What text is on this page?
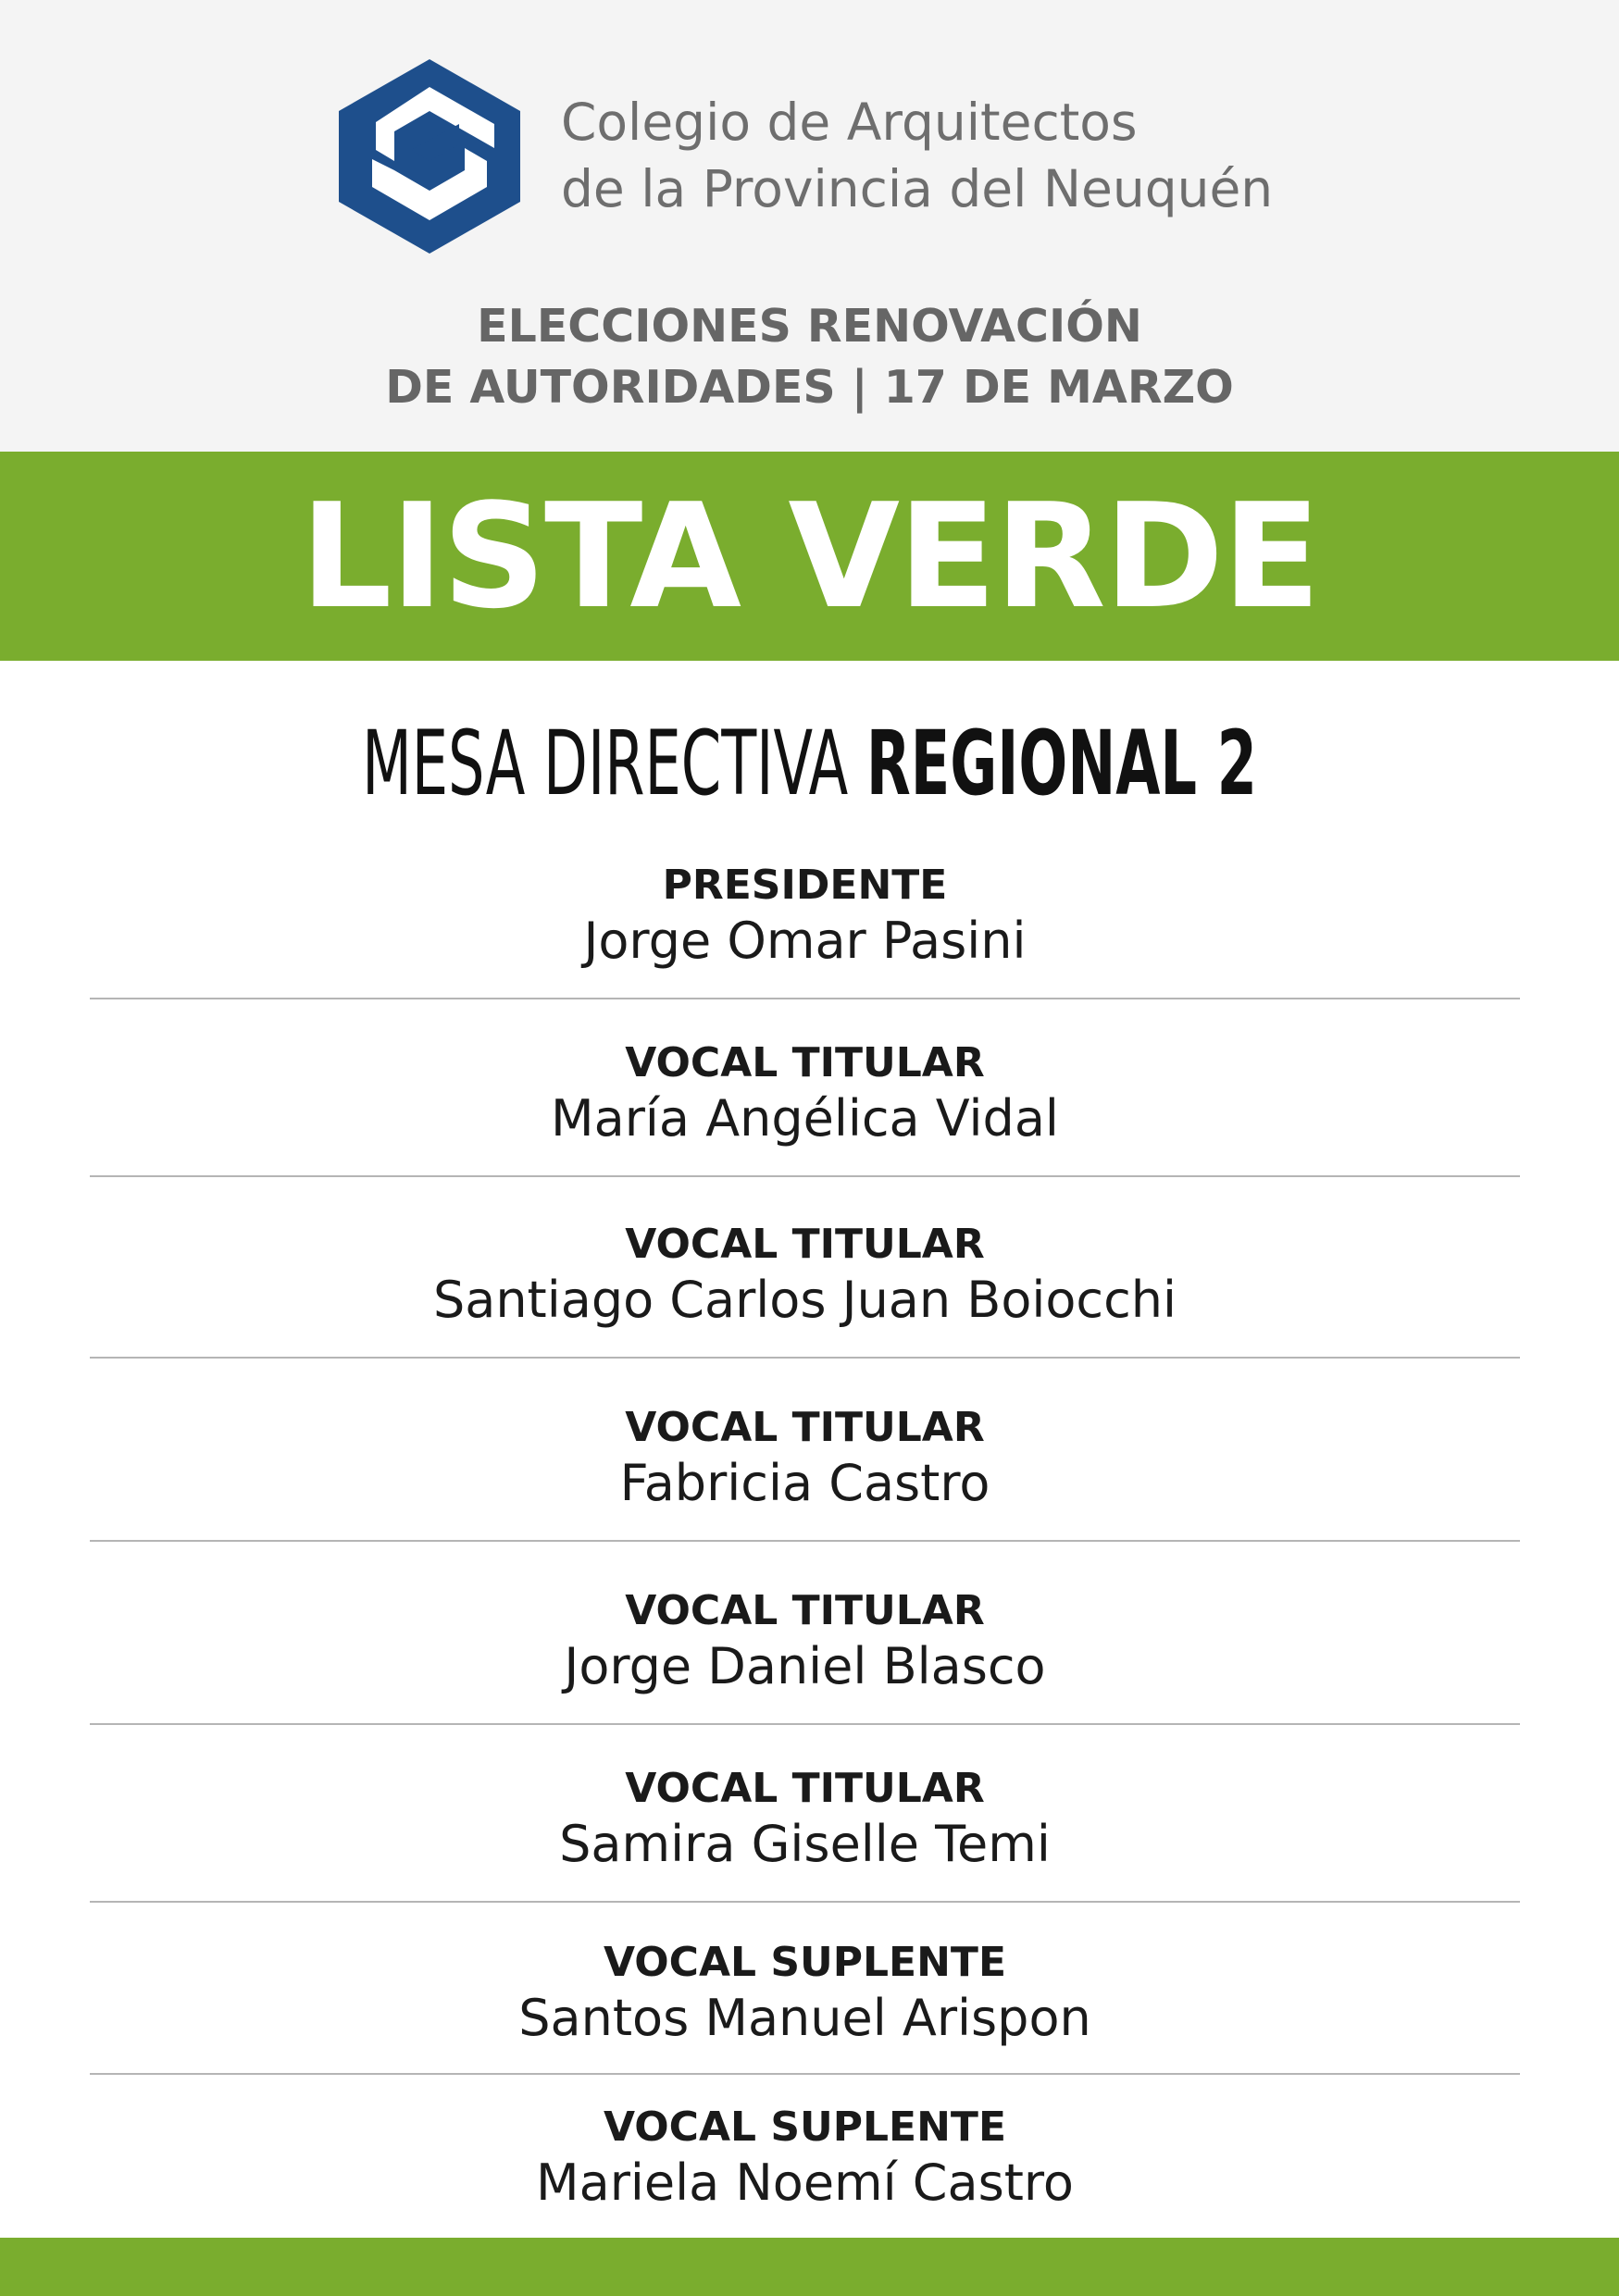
Colegio de Arquitectos
de la Provincia del Neuquén
ELECCIONES RENOVACIÓN
DE AUTORIDADES | 17 DE MARZO
LISTA VERDE
MESA DIRECTIVA REGIONAL 2
PRESIDENTE
Jorge Omar Pasini
VOCAL TITULAR
María Angélica Vidal
VOCAL TITULAR
Santiago Carlos Juan Boiocchi
VOCAL TITULAR
Fabricia Castro
VOCAL TITULAR
Jorge Daniel Blasco
VOCAL TITULAR
Samira Giselle Temi
VOCAL SUPLENTE
Santos Manuel Arispon
VOCAL SUPLENTE
Mariela Noemí Castro
